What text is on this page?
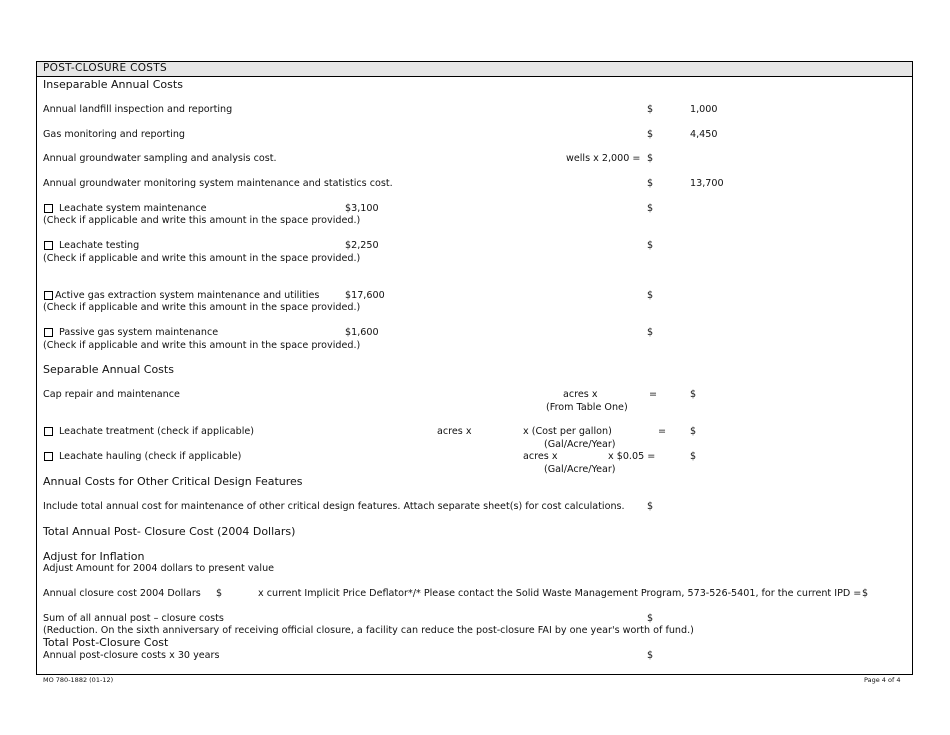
POST-CLOSURE COSTS
Inseparable Annual Costs
Annual landfill inspection and reporting	$	1,000
Gas monitoring and reporting	$	4,450
Annual groundwater sampling and analysis cost.	wells x 2,000 = $
Annual groundwater monitoring system maintenance and statistics cost.	$	13,700
Leachate system maintenance	$3,100	$
(Check if applicable and write this amount in the space provided.)
Leachate testing	$2,250	$
(Check if applicable and write this amount in the space provided.)
Active gas extraction system maintenance and utilities	$17,600	$
(Check if applicable and write this amount in the space provided.)
Passive gas system maintenance	$1,600	$
(Check if applicable and write this amount in the space provided.)
Separable Annual Costs
Cap repair and maintenance	acres x	=	$
(From Table One)
Leachate treatment (check if applicable)	acres x	x (Cost per gallon)	= $
(Gal/Acre/Year)
Leachate hauling (check if applicable)	acres x	x $0.05 =	$
(Gal/Acre/Year)
Annual Costs for Other Critical Design Features
Include total annual cost for maintenance of other critical design features. Attach separate sheet(s) for cost calculations. $
Total Annual Post- Closure Cost (2004 Dollars)
Adjust for Inflation
Adjust Amount for 2004 dollars to present value
Annual closure cost 2004 Dollars $	x current Implicit Price Deflator*/* Please contact the Solid Waste Management Program, 573-526-5401, for the current IPD = $
Sum of all annual post – closure costs	$
(Reduction. On the sixth anniversary of receiving official closure, a facility can reduce the post-closure FAI by one year's worth of fund.)
Total Post-Closure Cost
Annual post-closure costs x 30 years	$
MO 780-1882 (01-12)	Page 4 of 4
